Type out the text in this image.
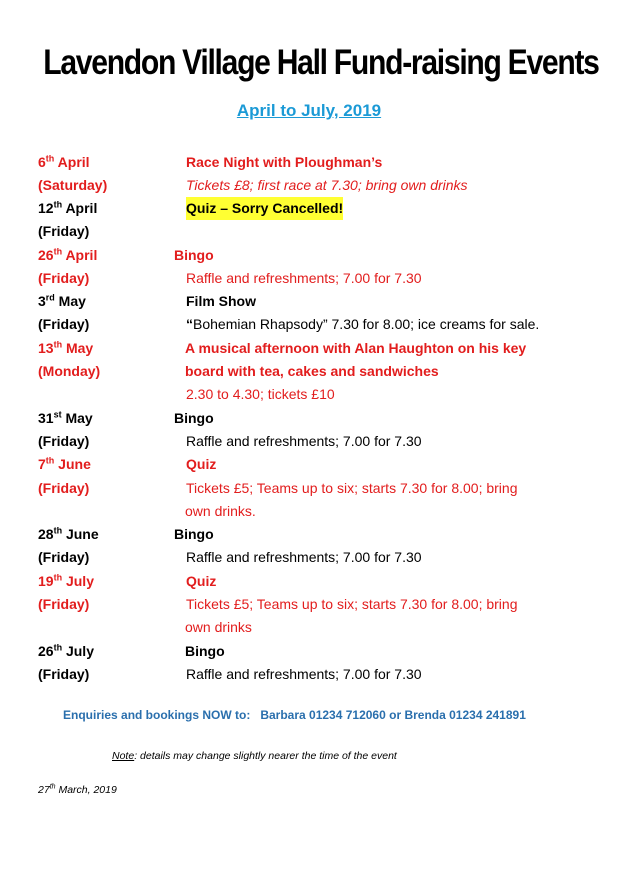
Lavendon Village Hall Fund-raising Events
April to July, 2019
6th April	Race Night with Ploughman’s
(Saturday)	Tickets £8; first race at 7.30; bring own drinks
12th April	Quiz – Sorry Cancelled!
(Friday)
26th April	Bingo
(Friday)	Raffle and refreshments; 7.00 for 7.30
3rd May	Film Show
(Friday)	“Bohemian Rhapsody” 7.30 for 8.00; ice creams for sale.
13th May	A musical afternoon with Alan Haughton on his key
(Monday)	board with tea, cakes and sandwiches
2.30 to 4.30; tickets £10
31st May	Bingo
(Friday)	Raffle and refreshments; 7.00 for 7.30
7th June	Quiz
(Friday)	Tickets £5; Teams up to six; starts 7.30 for 8.00; bring
own drinks.
28th June	Bingo
(Friday)	Raffle and refreshments; 7.00 for 7.30
19th July	Quiz
(Friday)	Tickets £5; Teams up to six; starts 7.30 for 8.00; bring
own drinks
26th July	Bingo
(Friday)	Raffle and refreshments; 7.00 for 7.30
Enquiries and bookings NOW to: Barbara 01234 712060 or Brenda 01234 241891
Note: details may change slightly nearer the time of the event
27th March, 2019
